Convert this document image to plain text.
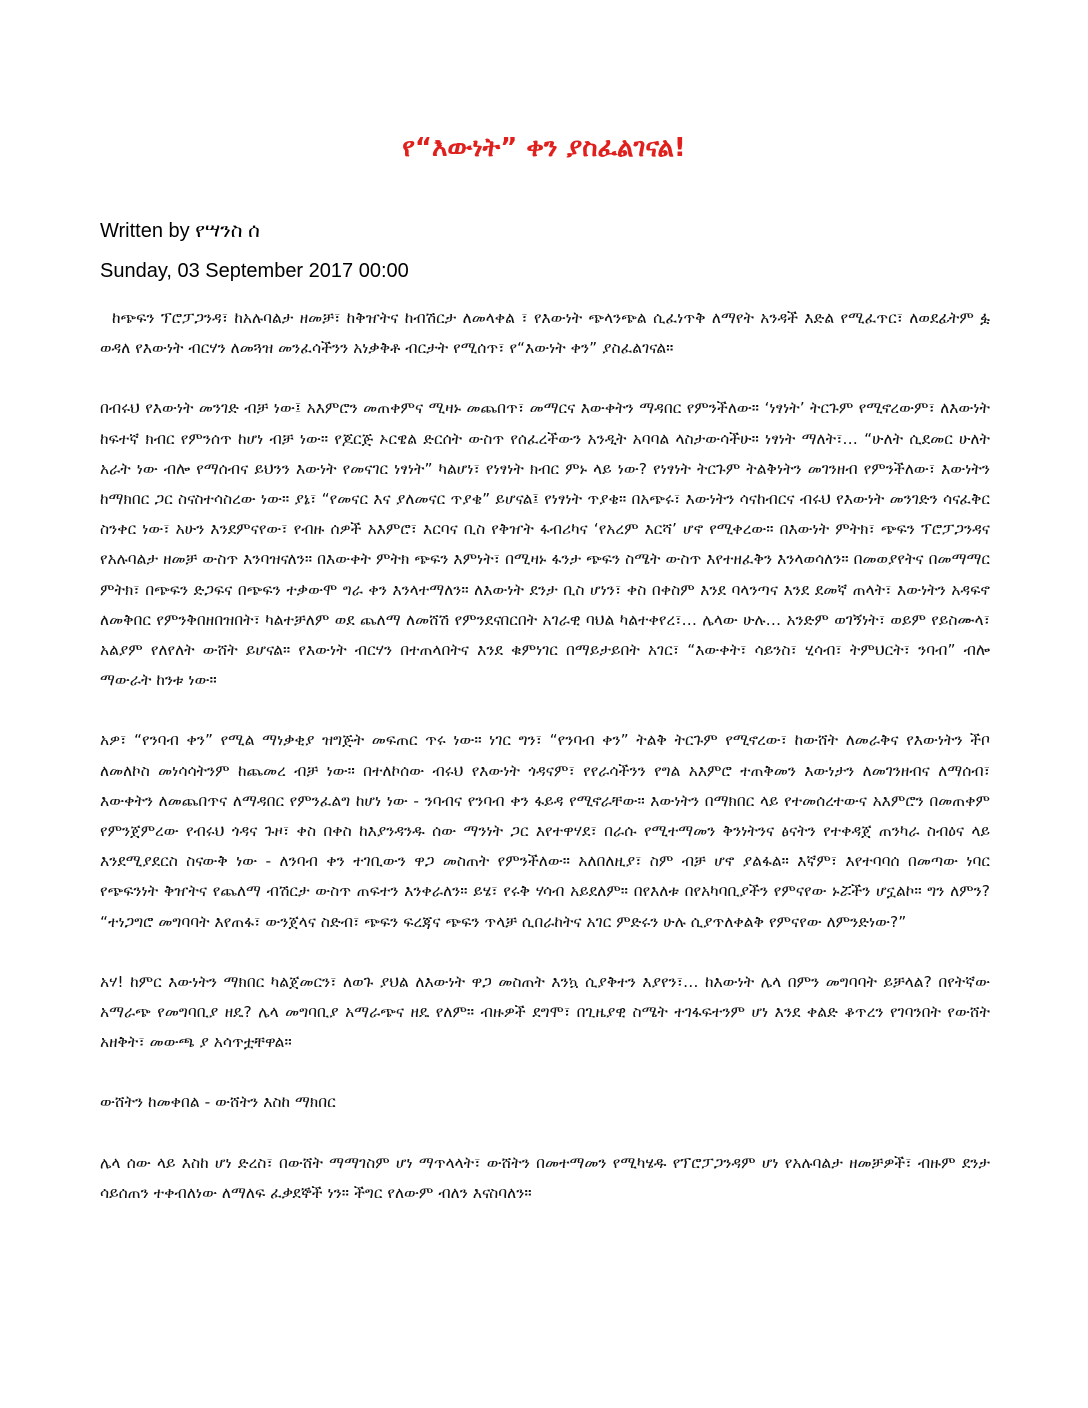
የ“እውነት” ቀን ያስፈልገናል!
Written by የሣንስ ሰ
Sunday, 03 September 2017 00:00

ከጭፍን ፕሮፓጋንዳ፣ ከአሉባልታ ዘመቻ፣ ከቅዠትና ከብሽርታ ለመላቀል ፣ የእውነት ጭላንጭል ሲፈነጥቅ ለማየት አንዳች እድል የሚፈጥር፣ ለወደፊትም ፏ ወዳለ የእውነት ብርሃን ለመጓዝ መንፈሳችንን አነቃቅቶ ብርታት የሚሰጥ፣ የ“እውነት ቀን” ያስፈልገናል።

በብሩህ የእውነት መንገድ ብቻ ነው፤ አእምሮን መጠቀምና ሚዛኑ መጨበጥ፣ መማርና እውቀትን ማዳበር የምንችለው። ‘ነፃነት’ ትርጉም የሚኖረውም፣ ለእውነት ከፍተኛ ክብር የምንሰጥ ከሆነ ብቻ ነው። የጆርጅ ኦርዌል ድርሰት ውስጥ የሰፈረችውን አንዲት አባባል ላስታውሳችሁ። ነፃነት ማለት፣… “ሁለት ሲደመር ሁለት አራት ነው ብሎ የማሰብና ይህንን እውነት የመናገር ነፃነት” ካልሆነ፣ የነፃነት ክብር ምኑ ላይ ነው? የነፃነት ትርጉም ትልቅነትን መገንዘብ የምንችለው፣ እውነትን ከማክበር ጋር ስናስተሳስረው ነው። ያኔ፣ “የመናር እና ያለመናር ጥያቄ” ይሆናል፤ የነፃነት ጥያቄ። በአጭሩ፣ እውነትን ሳናከብርና ብሩህ የእውነት መንገድን ሳናፈቅር ስንቀር ነው፣ አሁን እንደምናየው፣ የብዙ ሰዎች አእምሮ፣ እርባና ቢስ የቅዠት ፋብሪካና ‘የአረም እርሻ’ ሆኖ የሚቀረው። በእውነት ምትክ፣ ጭፍን ፕሮፓጋንዳና የአሉባልታ ዘመቻ ውስጥ እንባዝናለን። በእውቀት ምትክ ጭፍን እምነት፣ በሚዛኑ ፋንታ ጭፍን ስሜት ውስጥ እየተዘፈቅን እንላወሳለን። በመወያየትና በመማማር ምትክ፣ በጭፍን ድጋፍና በጭፍን ተቃውሞ ግራ ቀን እንላተማለን። ለእውነት ደንታ ቢስ ሆነን፣ ቀስ በቀስም እንደ ባላንጣና እንደ ደመኛ ጠላት፣ እውነትን አዳፍኖ ለመቅበር የምንቅበዘበዝበት፣ ካልተቻለም ወደ ጨለማ ለመሸሽ የምንደናበርበት አገራዊ ባህል ካልተቀየረ፣… ሌላው ሁሉ… አንድም ወገኝነት፣ ወይም የይስሙላ፣ አልያም የለየለት ውሸት ይሆናል። የእውነት ብርሃን በተጠላበትና እንደ ቁምነገር በማይታይበት አገር፣ “እውቀት፣ ሳይንስ፣ ሂሳብ፣ ትምህርት፣ ንባብ” ብሎ ማውራት ከንቱ ነው።

አዎ፣ “የንባብ ቀን” የሚል ማነቃቂያ ዝግጅት መፍጠር ጥሩ ነው። ነገር ግን፣ “የንባብ ቀን” ትልቅ ትርጉም የሚኖረው፣ ከውሸት ለመራቅና የእውነትን ችቦ ለመለኮስ መነሳሳትንም ከጨመረ ብቻ ነው። በተለኮሰው ብሩህ የእውነት ጎዳናም፣ የየራሳችንን የግል አእምሮ ተጠቅመን እውነታን ለመገንዘብና ለማሰብ፣ እውቀትን ለመጨበጥና ለማዳበር የምንፈልግ ከሆነ ነው - ንባብና የንባብ ቀን ፋይዳ የሚኖራቸው። እውነትን በማክበር ላይ የተመሰረተውና አእምሮን በመጠቀም የምንጀምረው የብሩህ ጎዳና ጉዞ፣ ቀስ በቀስ ከእያንዳንዱ ሰው ማንነት ጋር እየተዋሃደ፣ በራሱ የሚተማመን ቅንነትንና ፅናትን የተቀዳጀ ጠንካራ ስብዕና ላይ እንደሚያደርስ ስናውቅ ነው - ለንባብ ቀን ተገቢውን ዋጋ መስጠት የምንችለው። አለበለዚያ፣ ስም ብቻ ሆኖ ያልፋል። እኛም፣ እየተባባሰ በመጣው ነባር የጭፍንነት ቅዠትና የጨለማ ብሽርታ ውስጥ ጠፍተን እንቀራለን። ይሄ፣ የሩቅ ሃሳብ አይደለም። በየእለቱ በየአካባቢያችን የምናየው ኑሯችን ሆኗልኮ። ግን ለምን? “ተነጋግሮ መግባባት እየጠፋ፣ ውንጀላና ስድብ፣ ጭፍን ፍረጃና ጭፍን ጥላቻ ሲበራከትና አገር ምድሩን ሁሉ ሲያጥለቀልቅ የምናየው ለምንድነው?”

አሃ! ከምር እውነትን ማክበር ካልጀመርን፣ ለወጉ ያህል ለእውነት ዋጋ መስጠት እንኳ ሲያቅተን እያየን፣… ከእውነት ሌላ በምን መግባባት ይቻላል? በየትኛው አማራጭ የመግባቢያ ዘዴ? ሌላ መግባቢያ አማራጭና ዘዴ የለም። ብዙዎች ደግሞ፣ በጊዜያዊ ስሜት ተገፋፍተንም ሆነ እንደ ቀልድ ቆጥረን የገባንበት የውሸት አዘቅት፣ መውጫ ያ አሳጥቷቸዋል።

ውሸትን ከመቀበል - ውሸትን እስከ ማክበር

ሌላ ሰው ላይ እስከ ሆነ ድረስ፣ በውሸት ማማገስም ሆነ ማጥላላት፣ ውሸትን በመተማመን የሚካሄዱ የፕሮፓጋንዳም ሆነ የአሉባልታ ዘመቻዎች፣ ብዙም ደንታ ሳይሰጠን ተቀብለነው ለማለፍ ፈቃደኞች ነን። ችግር የለውም ብለን እናስባለን።
